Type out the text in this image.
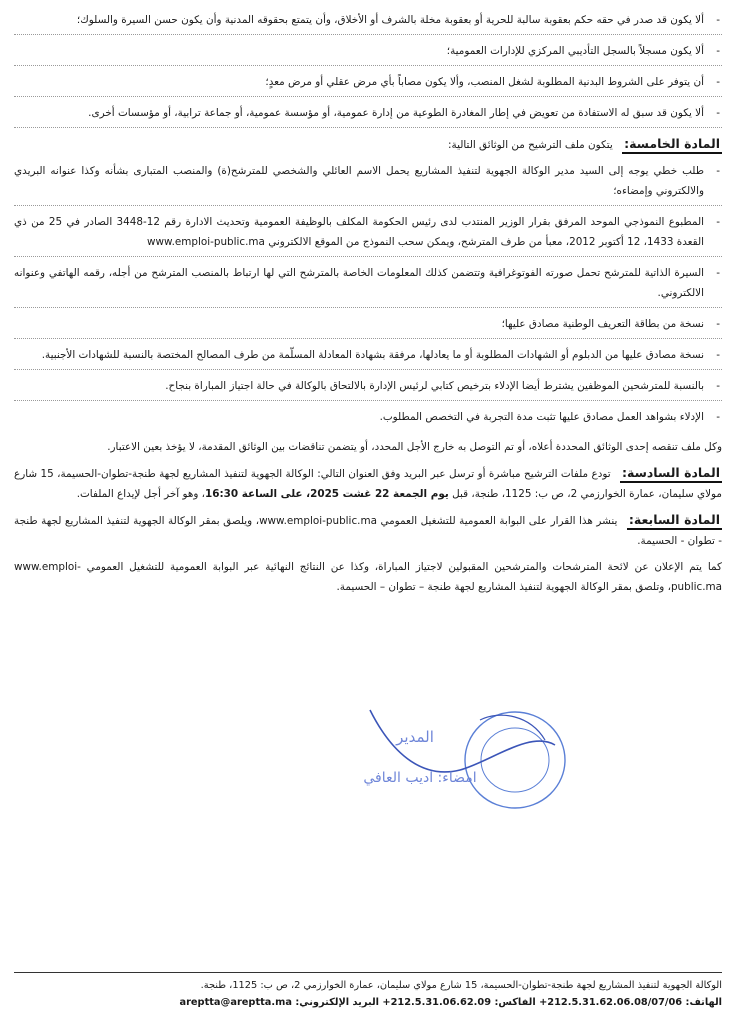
- ألا يكون قد صدر في حقه حكم بعقوبة سالبة للحرية أو بعقوبة مخلة بالشرف أو الأخلاق، وأن يتمتع بحقوقه المدنية وأن يكون حسن السيرة والسلوك؛
- ألا يكون مسجلاً بالسجل التأديبي المركزي للإدارات العمومية؛
- أن يتوفر على الشروط البدنية المطلوبة لشغل المنصب، وألا يكون مصاباً بأي مرض عقلي أو مرض معدٍ؛
- ألا يكون قد سبق له الاستفادة من تعويض في إطار المغادرة الطوعية من إدارة عمومية، أو مؤسسة عمومية، أو جماعة ترابية، أو مؤسسات أخرى.
المادة الخامسة: يتكون ملف الترشيح من الوثائق التالية:
- طلب خطي يوجه إلى السيد مدير الوكالة الجهوية لتنفيذ المشاريع يحمل الاسم العائلي والشخصي للمترشح(ة) والمنصب المتبارى بشأنه وكذا عنوانه البريدي والالكتروني وإمضاءه؛
- المطبوع النموذجي الموحد المرفق بقرار الوزير المنتدب لدى رئيس الحكومة المكلف بالوظيفة العمومية وتحديث الادارة رقم 12-3448 الصادر في 25 من ذي القعدة 1433، 12 أكتوبر 2012، معبأ من طرف المترشح، ويمكن سحب النموذج من الموقع الالكتروني www.emploi-public.ma
- السيرة الذاتية للمترشح تحمل صورته الفوتوغرافية وتتضمن كذلك المعلومات الخاصة بالمترشح التي لها ارتباط بالمنصب المترشح من أجله، رقمه الهاتفي وعنوانه الالكتروني.
- نسخة من بطاقة التعريف الوطنية مصادق عليها؛
- نسخة مصادق عليها من الدبلوم أو الشهادات المطلوبة أو ما يعادلها، مرفقة بشهادة المعادلة المسلّمة من طرف المصالح المختصة بالنسبة للشهادات الأجنبية.
- بالنسبة للمترشحين الموظفين يشترط أيضا الإدلاء بترخيص كتابي لرئيس الإدارة بالالتحاق بالوكالة في حالة اجتياز المباراة بنجاح.
- الإدلاء بشواهد العمل مصادق عليها تثبت مدة التجربة في التخصص المطلوب.
وكل ملف تنقصه إحدى الوثائق المحددة أعلاه، أو تم التوصل به خارج الأجل المحدد، أو يتضمن تناقضات بين الوثائق المقدمة، لا يؤخذ بعين الاعتبار.
المادة السادسة: تودع ملفات الترشيح مباشرة أو ترسل عبر البريد وفق العنوان التالي: الوكالة الجهوية لتنفيذ المشاريع لجهة طنجة-تطوان-الحسيمة، 15 شارع مولاي سليمان، عمارة الخوارزمي 2، ص ب: 1125، طنجة، قبل يوم الجمعة 22 غشت 2025، على الساعة 16:30، وهو آخر أجل لإيداع الملفات.
المادة السابعة: ينشر هذا القرار على البوابة العمومية للتشغيل العمومي www.emploi-public.ma، ويلصق بمقر الوكالة الجهوية لتنفيذ المشاريع لجهة طنجة - تطوان - الحسيمة.
كما يتم الإعلان عن لائحة المترشحات والمترشحين المقبولين لاجتياز المباراة، وكذا عن النتائج النهائية عبر البوابة العمومية للتشغيل العمومي www.emploi-public.ma، وتلصق بمقر الوكالة الجهوية لتنفيذ المشاريع لجهة طنجة – تطوان – الحسيمة.
المدير
امضاء: اديب العافي
الوكالة الجهوية لتنفيذ المشاريع لجهة طنجة-تطوان-الحسيمة، 15 شارع مولاي سليمان، عمارة الخوارزمي 2، ص ب: 1125، طنجة.
الهاتف: 212.5.31.62.06.08/07/06+ الفاكس: 212.5.31.06.62.09+ البريد الإلكتروني: areptta@areptta.ma
